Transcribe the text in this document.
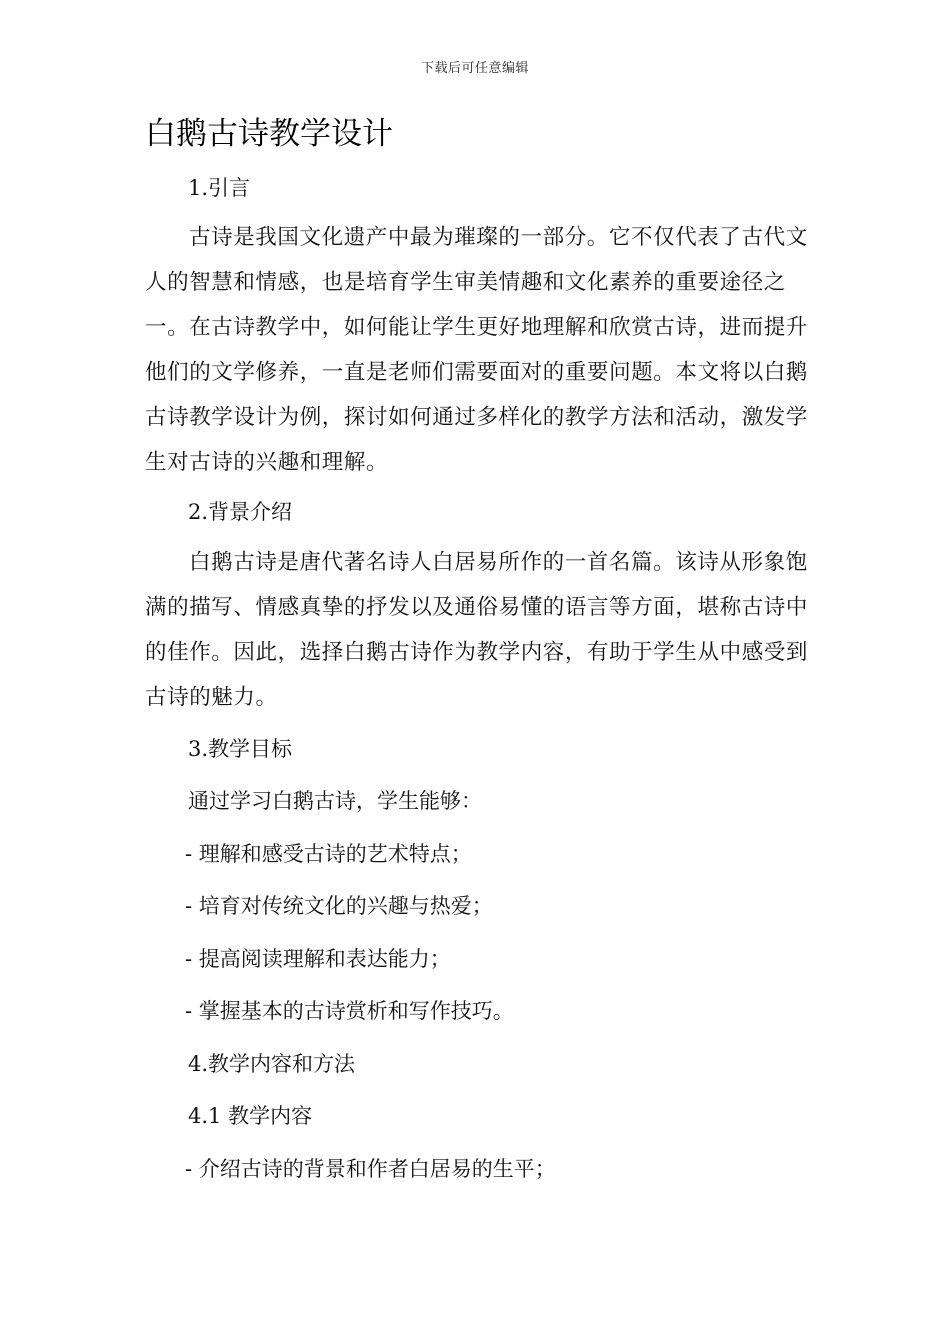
下载后可任意编辑
白鹅古诗教学设计

1.引言

古诗是我国文化遗产中最为璀璨的一部分。它不仅代表了古代文人的智慧和情感，也是培育学生审美情趣和文化素养的重要途径之一。在古诗教学中，如何能让学生更好地理解和欣赏古诗，进而提升他们的文学修养，一直是老师们需要面对的重要问题。本文将以白鹅古诗教学设计为例，探讨如何通过多样化的教学方法和活动，激发学生对古诗的兴趣和理解。

2.背景介绍

白鹅古诗是唐代著名诗人白居易所作的一首名篇。该诗从形象饱满的描写、情感真挚的抒发以及通俗易懂的语言等方面，堪称古诗中的佳作。因此，选择白鹅古诗作为教学内容，有助于学生从中感受到古诗的魅力。

3.教学目标

通过学习白鹅古诗，学生能够：

- 理解和感受古诗的艺术特点；

- 培育对传统文化的兴趣与热爱；

- 提高阅读理解和表达能力；

- 掌握基本的古诗赏析和写作技巧。

4.教学内容和方法

4.1 教学内容

- 介绍古诗的背景和作者白居易的生平；
